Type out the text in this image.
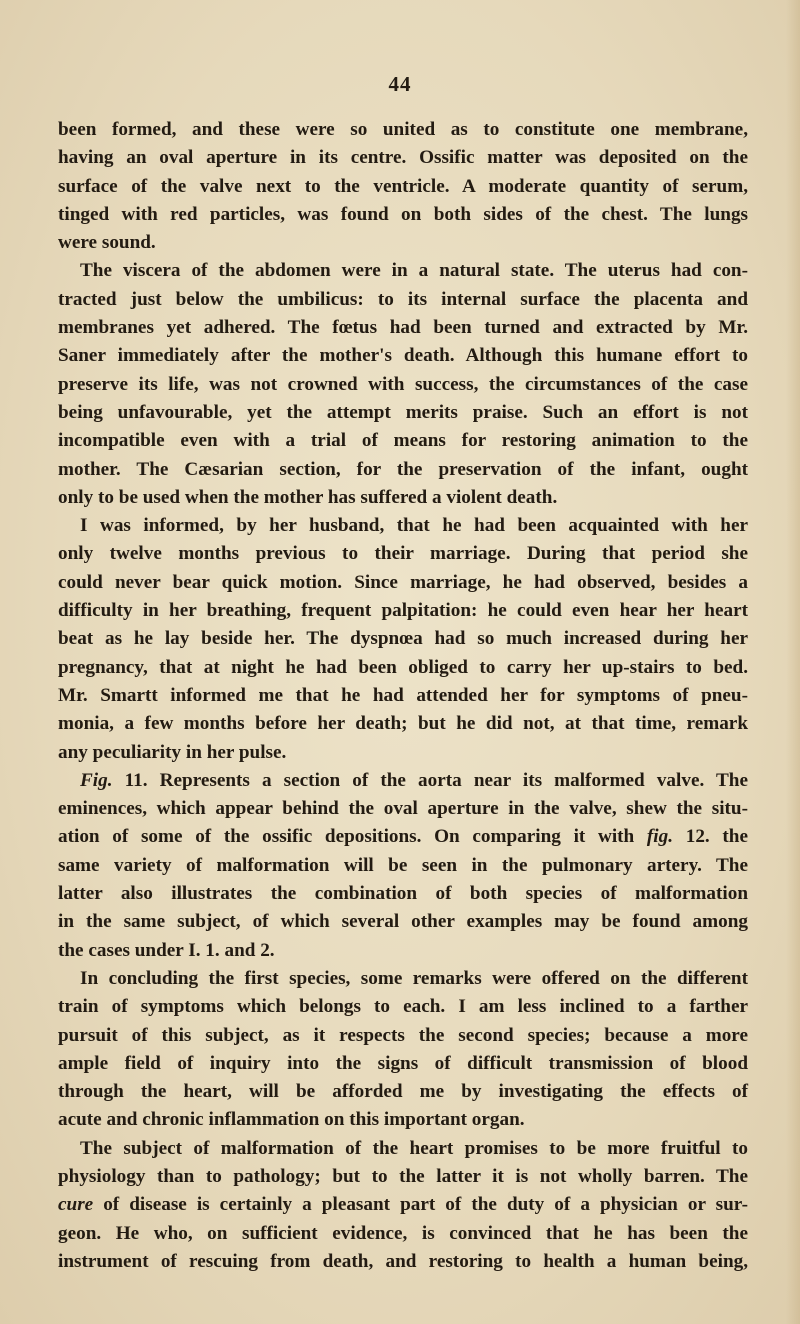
44
been formed, and these were so united as to constitute one membrane,
having an oval aperture in its centre. Ossific matter was deposited on the
surface of the valve next to the ventricle. A moderate quantity of serum,
tinged with red particles, was found on both sides of the chest. The lungs
were sound.
The viscera of the abdomen were in a natural state. The uterus had con-
tracted just below the umbilicus: to its internal surface the placenta and
membranes yet adhered. The fœtus had been turned and extracted by Mr.
Saner immediately after the mother's death. Although this humane effort to
preserve its life, was not crowned with success, the circumstances of the case
being unfavourable, yet the attempt merits praise. Such an effort is not
incompatible even with a trial of means for restoring animation to the
mother. The Cæsarian section, for the preservation of the infant, ought
only to be used when the mother has suffered a violent death.
I was informed, by her husband, that he had been acquainted with her
only twelve months previous to their marriage. During that period she
could never bear quick motion. Since marriage, he had observed, besides a
difficulty in her breathing, frequent palpitation: he could even hear her heart
beat as he lay beside her. The dyspnœa had so much increased during her
pregnancy, that at night he had been obliged to carry her up-stairs to bed.
Mr. Smartt informed me that he had attended her for symptoms of pneu-
monia, a few months before her death; but he did not, at that time, remark
any peculiarity in her pulse.
Fig. 11. Represents a section of the aorta near its malformed valve. The
eminences, which appear behind the oval aperture in the valve, shew the situ-
ation of some of the ossific depositions. On comparing it with fig. 12. the
same variety of malformation will be seen in the pulmonary artery. The
latter also illustrates the combination of both species of malformation
in the same subject, of which several other examples may be found among
the cases under I. 1. and 2.
In concluding the first species, some remarks were offered on the different
train of symptoms which belongs to each. I am less inclined to a farther
pursuit of this subject, as it respects the second species; because a more
ample field of inquiry into the signs of difficult transmission of blood
through the heart, will be afforded me by investigating the effects of
acute and chronic inflammation on this important organ.
The subject of malformation of the heart promises to be more fruitful to
physiology than to pathology; but to the latter it is not wholly barren. The
cure of disease is certainly a pleasant part of the duty of a physician or sur-
geon. He who, on sufficient evidence, is convinced that he has been the
instrument of rescuing from death, and restoring to health a human being,
